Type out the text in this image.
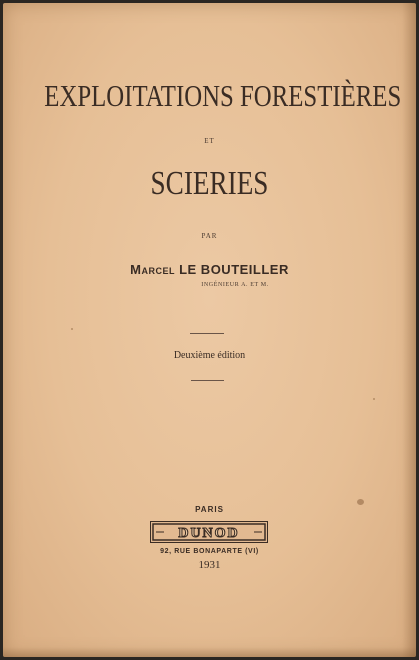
EXPLOITATIONS FORESTIÈRES
ET
SCIERIES
PAR
Marcel LE BOUTEILLER
INGÉNIEUR A. ET M.
Deuxième édition
PARIS
DUNOD
92, RUE BONAPARTE (VI)
1931
